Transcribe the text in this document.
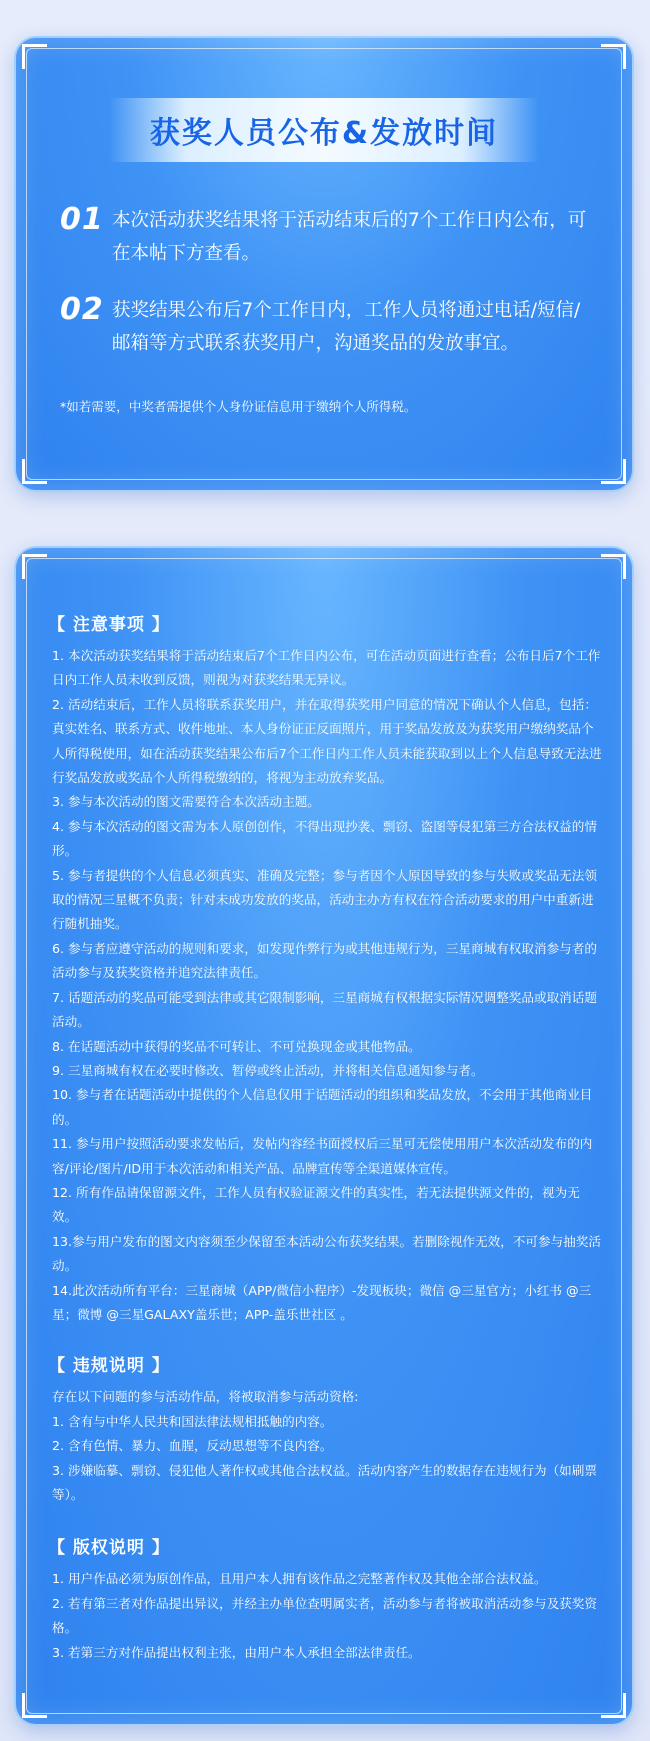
获奖人员公布&发放时间
01 本次活动获奖结果将于活动结束后的7个工作日内公布，可在本帖下方查看。
02 获奖结果公布后7个工作日内，工作人员将通过电话/短信/邮箱等方式联系获奖用户，沟通奖品的发放事宜。
*如若需要，中奖者需提供个人身份证信息用于缴纳个人所得税。
【 注意事项 】
1. 本次活动获奖结果将于活动结束后7个工作日内公布，可在活动页面进行查看；公布日后7个工作日内工作人员未收到反馈，则视为对获奖结果无异议。
2. 活动结束后，工作人员将联系获奖用户，并在取得获奖用户同意的情况下确认个人信息，包括：真实姓名、联系方式、收件地址、本人身份证正反面照片，用于奖品发放及为获奖用户缴纳奖品个人所得税使用，如在活动获奖结果公布后7个工作日内工作人员未能获取到以上个人信息导致无法进行奖品发放或奖品个人所得税缴纳的，将视为主动放弃奖品。
3. 参与本次活动的图文需要符合本次活动主题。
4. 参与本次活动的图文需为本人原创创作，不得出现抄袭、剽窃、盗图等侵犯第三方合法权益的情形。
5. 参与者提供的个人信息必须真实、准确及完整；参与者因个人原因导致的参与失败或奖品无法领取的情况三星概不负责；针对未成功发放的奖品，活动主办方有权在符合活动要求的用户中重新进行随机抽奖。
6. 参与者应遵守活动的规则和要求，如发现作弊行为或其他违规行为，三星商城有权取消参与者的活动参与及获奖资格并追究法律责任。
7. 话题活动的奖品可能受到法律或其它限制影响，三星商城有权根据实际情况调整奖品或取消话题活动。
8. 在话题活动中获得的奖品不可转让、不可兑换现金或其他物品。
9. 三星商城有权在必要时修改、暂停或终止活动，并将相关信息通知参与者。
10. 参与者在话题活动中提供的个人信息仅用于话题活动的组织和奖品发放，不会用于其他商业目的。
11. 参与用户按照活动要求发帖后，发帖内容经书面授权后三星可无偿使用用户本次活动发布的内容/评论/图片/ID用于本次活动和相关产品、品牌宣传等全渠道媒体宣传。
12. 所有作品请保留源文件，工作人员有权验证源文件的真实性，若无法提供源文件的，视为无效。
13.参与用户发布的图文内容须至少保留至本活动公布获奖结果。若删除视作无效，不可参与抽奖活动。
14.此次活动所有平台：三星商城（APP/微信小程序）-发现板块；微信 @三星官方；小红书 @三星；微博 @三星GALAXY盖乐世；APP-盖乐世社区 。
【 违规说明 】
存在以下问题的参与活动作品，将被取消参与活动资格:
1. 含有与中华人民共和国法律法规相抵触的内容。
2. 含有色情、暴力、血腥，反动思想等不良内容。
3. 涉嫌临摹、剽窃、侵犯他人著作权或其他合法权益。活动内容产生的数据存在违规行为（如刷票等）。
【 版权说明 】
1. 用户作品必须为原创作品，且用户本人拥有该作品之完整著作权及其他全部合法权益。
2. 若有第三者对作品提出异议，并经主办单位查明属实者，活动参与者将被取消活动参与及获奖资格。
3. 若第三方对作品提出权利主张，由用户本人承担全部法律责任。
